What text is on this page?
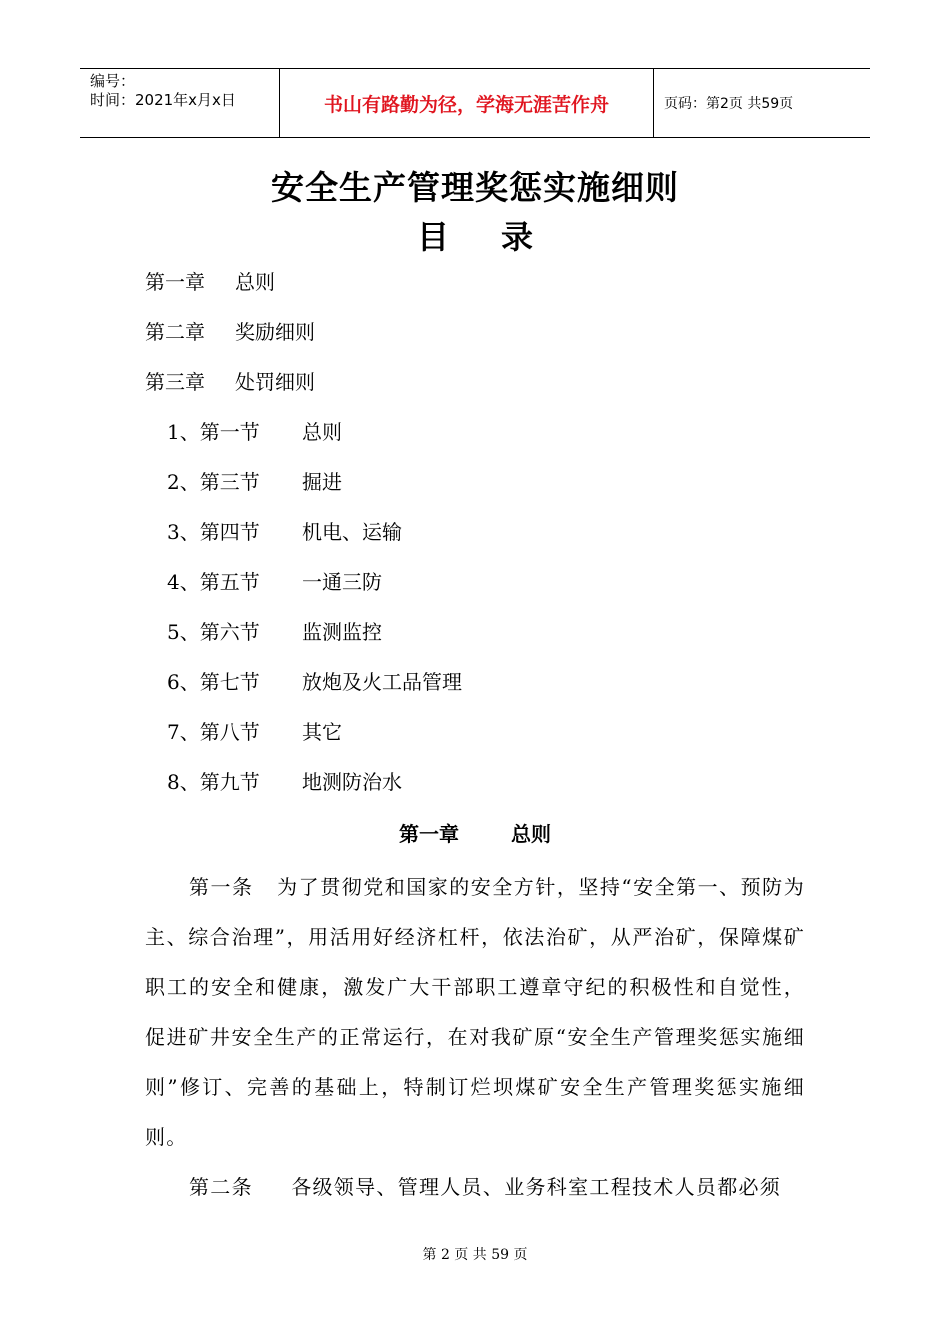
编号：
时间：2021年x月x日	书山有路勤为径，学海无涯苦作舟	页码：第2页 共59页
安全生产管理奖惩实施细则
目录
第一章 总则
第二章 奖励细则
第三章 处罚细则
1、第一节 总则
2、第三节 掘进
3、第四节 机电、运输
4、第五节 一通三防
5、第六节 监测监控
6、第七节 放炮及火工品管理
7、第八节 其它
8、第九节 地测防治水
第一章	总则

第一条 为了贯彻党和国家的安全方针，坚持“安全第一、预防为主、综合治理”，用活用好经济杠杆，依法治矿，从严治矿，保障煤矿职工的安全和健康，激发广大干部职工遵章守纪的积极性和自觉性，促进矿井安全生产的正常运行，在对我矿原“安全生产管理奖惩实施细则”修订、完善的基础上，特制订烂坝煤矿安全生产管理奖惩实施细则。

第二条 各级领导、管理人员、业务科室工程技术人员都必须

第 2 页 共 59 页
